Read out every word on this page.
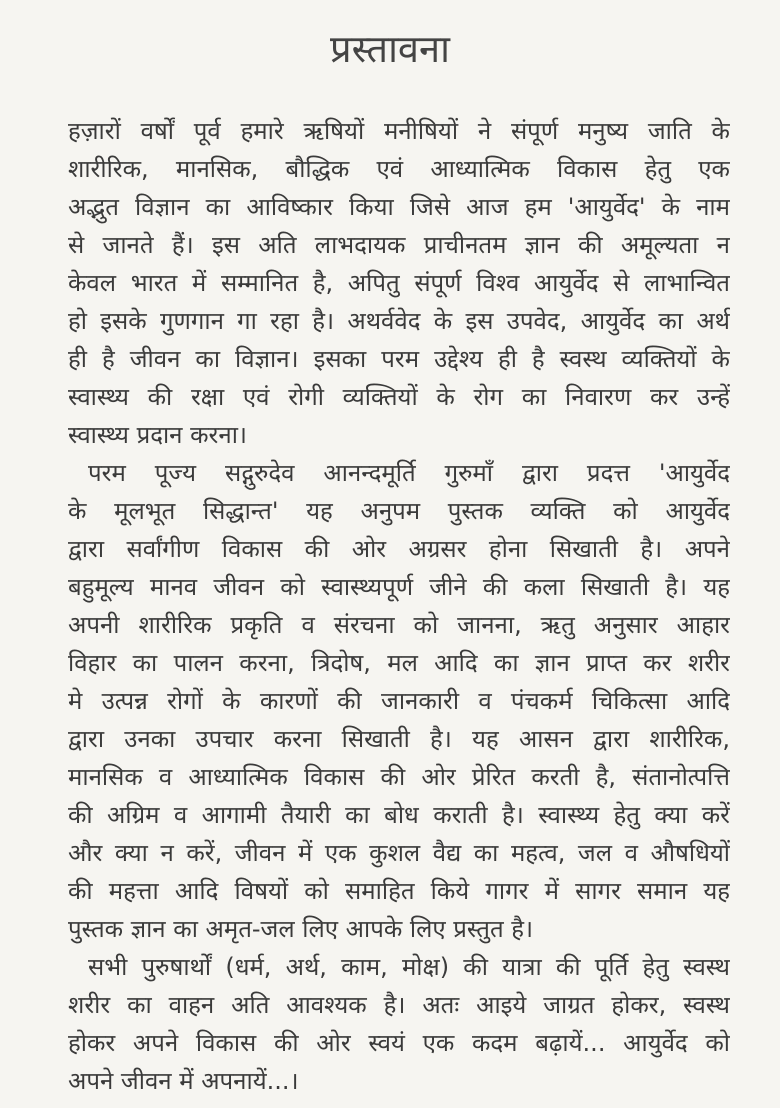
प्रस्तावना
हज़ारों वर्षों पूर्व हमारे ऋषियों मनीषियों ने संपूर्ण मनुष्य जाति के
शारीरिक, मानसिक, बौद्धिक एवं आध्यात्मिक विकास हेतु एक
अद्भुत विज्ञान का आविष्कार किया जिसे आज हम 'आयुर्वेद' के नाम
से जानते हैं। इस अति लाभदायक प्राचीनतम ज्ञान की अमूल्यता न
केवल भारत में सम्मानित है, अपितु संपूर्ण विश्व आयुर्वेद से लाभान्वित
हो इसके गुणगान गा रहा है। अथर्ववेद के इस उपवेद, आयुर्वेद का अर्थ
ही है जीवन का विज्ञान। इसका परम उद्देश्य ही है स्वस्थ व्यक्तियों के
स्वास्थ्य की रक्षा एवं रोगी व्यक्तियों के रोग का निवारण कर उन्हें
स्वास्थ्य प्रदान करना।
परम पूज्य सद्गुरुदेव आनन्दमूर्ति गुरुमाँ द्वारा प्रदत्त 'आयुर्वेद
के मूलभूत सिद्धान्त' यह अनुपम पुस्तक व्यक्ति को आयुर्वेद
द्वारा सर्वांगीण विकास की ओर अग्रसर होना सिखाती है। अपने
बहुमूल्य मानव जीवन को स्वास्थ्यपूर्ण जीने की कला सिखाती है। यह
अपनी शारीरिक प्रकृति व संरचना को जानना, ऋतु अनुसार आहार
विहार का पालन करना, त्रिदोष, मल आदि का ज्ञान प्राप्त कर शरीर
मे उत्पन्न रोगों के कारणों की जानकारी व पंचकर्म चिकित्सा आदि
द्वारा उनका उपचार करना सिखाती है। यह आसन द्वारा शारीरिक,
मानसिक व आध्यात्मिक विकास की ओर प्रेरित करती है, संतानोत्पत्ति
की अग्रिम व आगामी तैयारी का बोध कराती है। स्वास्थ्य हेतु क्या करें
और क्या न करें, जीवन में एक कुशल वैद्य का महत्व, जल व औषधियों
की महत्ता आदि विषयों को समाहित किये गागर में सागर समान यह
पुस्तक ज्ञान का अमृत-जल लिए आपके लिए प्रस्तुत है।
सभी पुरुषार्थों (धर्म, अर्थ, काम, मोक्ष) की यात्रा की पूर्ति हेतु स्वस्थ
शरीर का वाहन अति आवश्यक है। अतः आइये जाग्रत होकर, स्वस्थ
होकर अपने विकास की ओर स्वयं एक कदम बढ़ायें... आयुर्वेद को
अपने जीवन में अपनायें...।
